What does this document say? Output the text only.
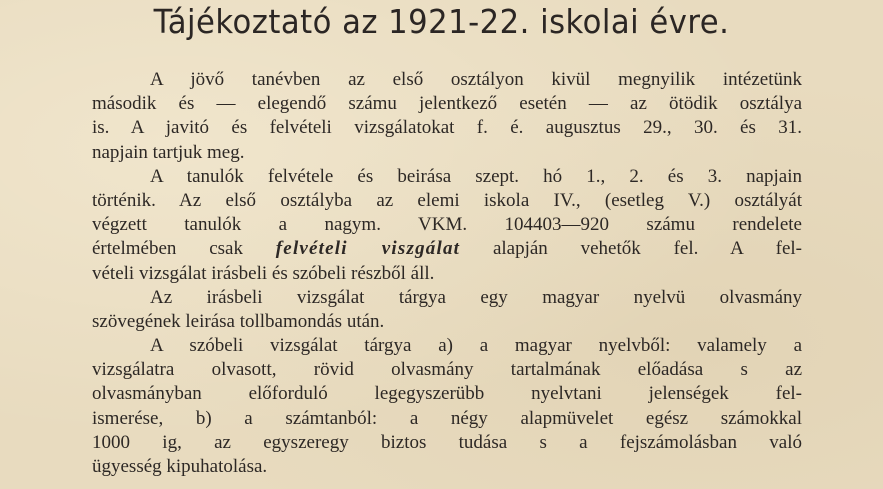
Tájékoztató az 1921-22. iskolai évre.
A jövő tanévben az első osztályon kivül megnyilik intézetünk
második és — elegendő számu jelentkező esetén — az ötödik osztálya
is. A javitó és felvételi vizsgálatokat f. é. augusztus 29., 30. és 31.
napjain tartjuk meg.
A tanulók felvétele és beirása szept. hó 1., 2. és 3. napjain
történik. Az első osztályba az elemi iskola IV., (esetleg V.) osztályát
végzett tanulók a nagym. VKM. 104403—920 számu rendelete
értelmében csak felvételi viszgálat alapján vehetők fel. A fel-
vételi vizsgálat irásbeli és szóbeli részből áll.
Az irásbeli vizsgálat tárgya egy magyar nyelvü olvasmány
szövegének leirása tollbamondás után.
A szóbeli vizsgálat tárgya a) a magyar nyelvből: valamely a
vizsgálatra olvasott, rövid olvasmány tartalmának előadása s az
olvasmányban előforduló legegyszerübb nyelvtani jelenségek fel-
ismerése, b) a számtanból: a négy alapmüvelet egész számokkal
1000 ig, az egyszeregy biztos tudása s a fejszámolásban való
ügyesség kipuhatolása.
